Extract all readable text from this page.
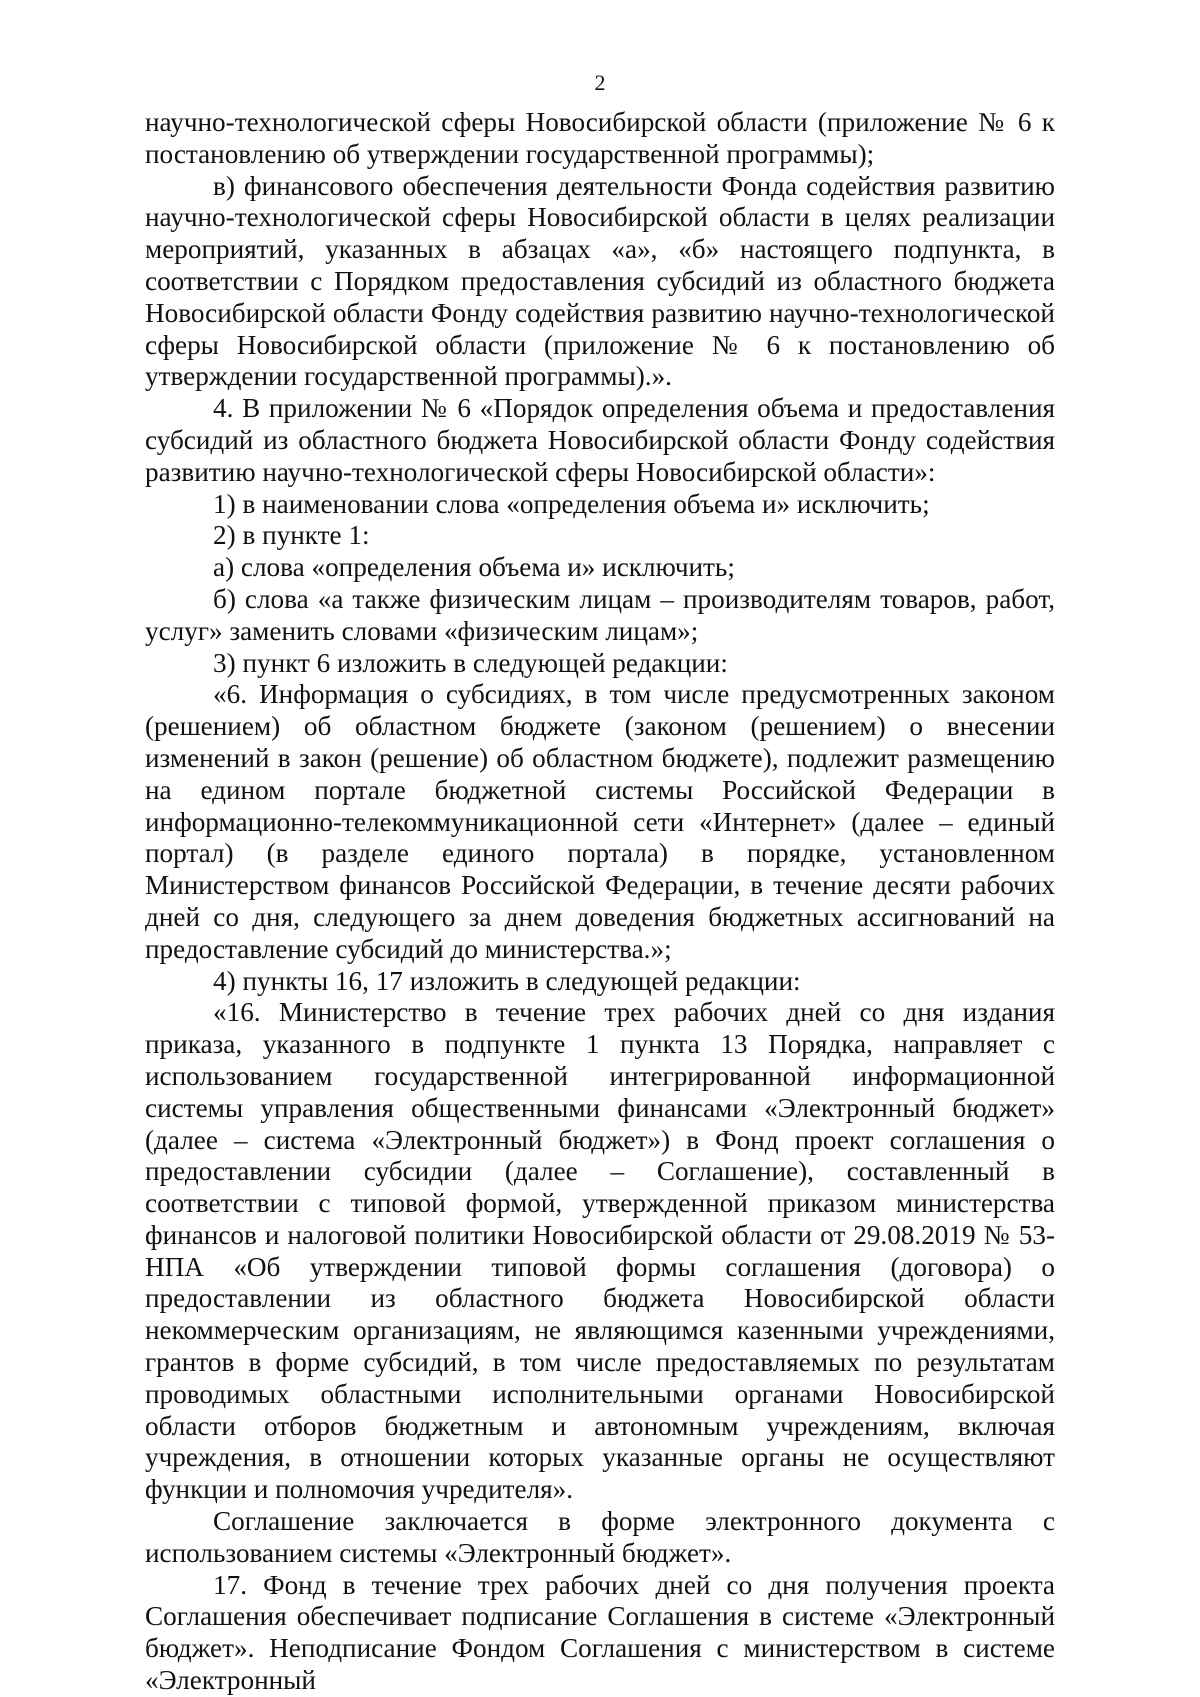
2

научно-технологической сферы Новосибирской области (приложение № 6 к постановлению об утверждении государственной программы);

в) финансового обеспечения деятельности Фонда содействия развитию научно-технологической сферы Новосибирской области в целях реализации мероприятий, указанных в абзацах «а», «б» настоящего подпункта, в соответствии с Порядком предоставления субсидий из областного бюджета Новосибирской области Фонду содействия развитию научно-технологической сферы Новосибирской области (приложение № 6 к постановлению об утверждении государственной программы).».

4. В приложении № 6 «Порядок определения объема и предоставления субсидий из областного бюджета Новосибирской области Фонду содействия развитию научно-технологической сферы Новосибирской области»:

1) в наименовании слова «определения объема и» исключить;

2) в пункте 1:

а) слова «определения объема и» исключить;

б) слова «а также физическим лицам – производителям товаров, работ, услуг» заменить словами «физическим лицам»;

3) пункт 6 изложить в следующей редакции:

«6. Информация о субсидиях, в том числе предусмотренных законом (решением) об областном бюджете (законом (решением) о внесении изменений в закон (решение) об областном бюджете), подлежит размещению на едином портале бюджетной системы Российской Федерации в информационно-телекоммуникационной сети «Интернет» (далее – единый портал) (в разделе единого портала) в порядке, установленном Министерством финансов Российской Федерации, в течение десяти рабочих дней со дня, следующего за днем доведения бюджетных ассигнований на предоставление субсидий до министерства.»;

4) пункты 16, 17 изложить в следующей редакции:

«16. Министерство в течение трех рабочих дней со дня издания приказа, указанного в подпункте 1 пункта 13 Порядка, направляет с использованием государственной интегрированной информационной системы управления общественными финансами «Электронный бюджет» (далее – система «Электронный бюджет») в Фонд проект соглашения о предоставлении субсидии (далее – Соглашение), составленный в соответствии с типовой формой, утвержденной приказом министерства финансов и налоговой политики Новосибирской области от 29.08.2019 № 53-НПА «Об утверждении типовой формы соглашения (договора) о предоставлении из областного бюджета Новосибирской области некоммерческим организациям, не являющимся казенными учреждениями, грантов в форме субсидий, в том числе предоставляемых по результатам проводимых областными исполнительными органами Новосибирской области отборов бюджетным и автономным учреждениям, включая учреждения, в отношении которых указанные органы не осуществляют функции и полномочия учредителя».

Соглашение заключается в форме электронного документа с использованием системы «Электронный бюджет».

17. Фонд в течение трех рабочих дней со дня получения проекта Соглашения обеспечивает подписание Соглашения в системе «Электронный бюджет». Неподписание Фондом Соглашения с министерством в системе «Электронный
